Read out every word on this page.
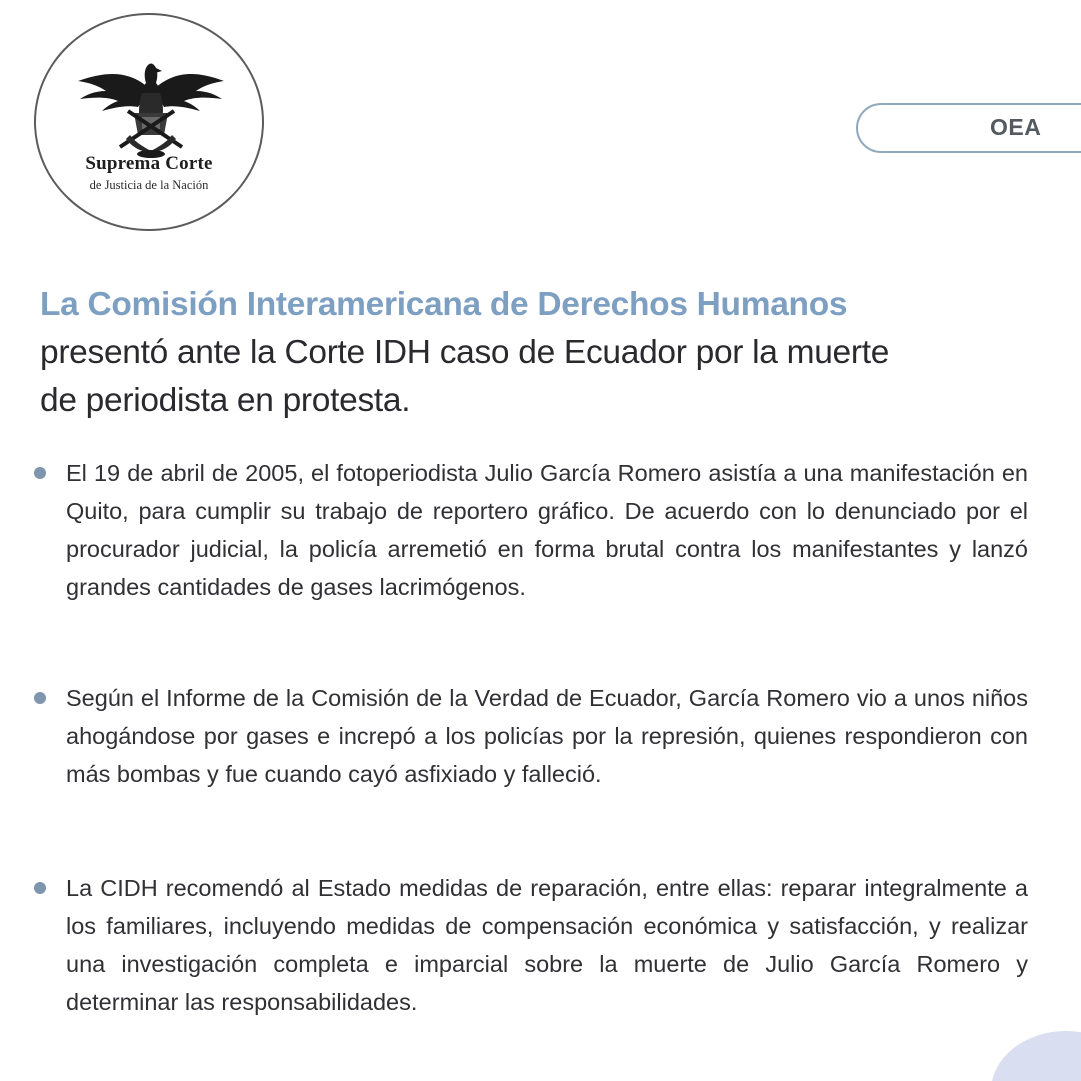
Suprema Corte
de Justicia de la Nación
OEA
La Comisión Interamericana de Derechos Humanos
presentó ante la Corte IDH caso de Ecuador por la muerte
de periodista en protesta.

El 19 de abril de 2005, el fotoperiodista Julio García Romero asistía a una manifestación en Quito, para cumplir su trabajo de reportero gráfico. De acuerdo con lo denunciado por el procurador judicial, la policía arremetió en forma brutal contra los manifestantes y lanzó grandes cantidades de gases lacrimógenos.

Según el Informe de la Comisión de la Verdad de Ecuador, García Romero vio a unos niños ahogándose por gases e increpó a los policías por la represión, quienes respondieron con más bombas y fue cuando cayó asfixiado y falleció.

La CIDH recomendó al Estado medidas de reparación, entre ellas: reparar integralmente a los familiares, incluyendo medidas de compensación económica y satisfacción, y realizar una investigación completa e imparcial sobre la muerte de Julio García Romero y determinar las responsabilidades.
